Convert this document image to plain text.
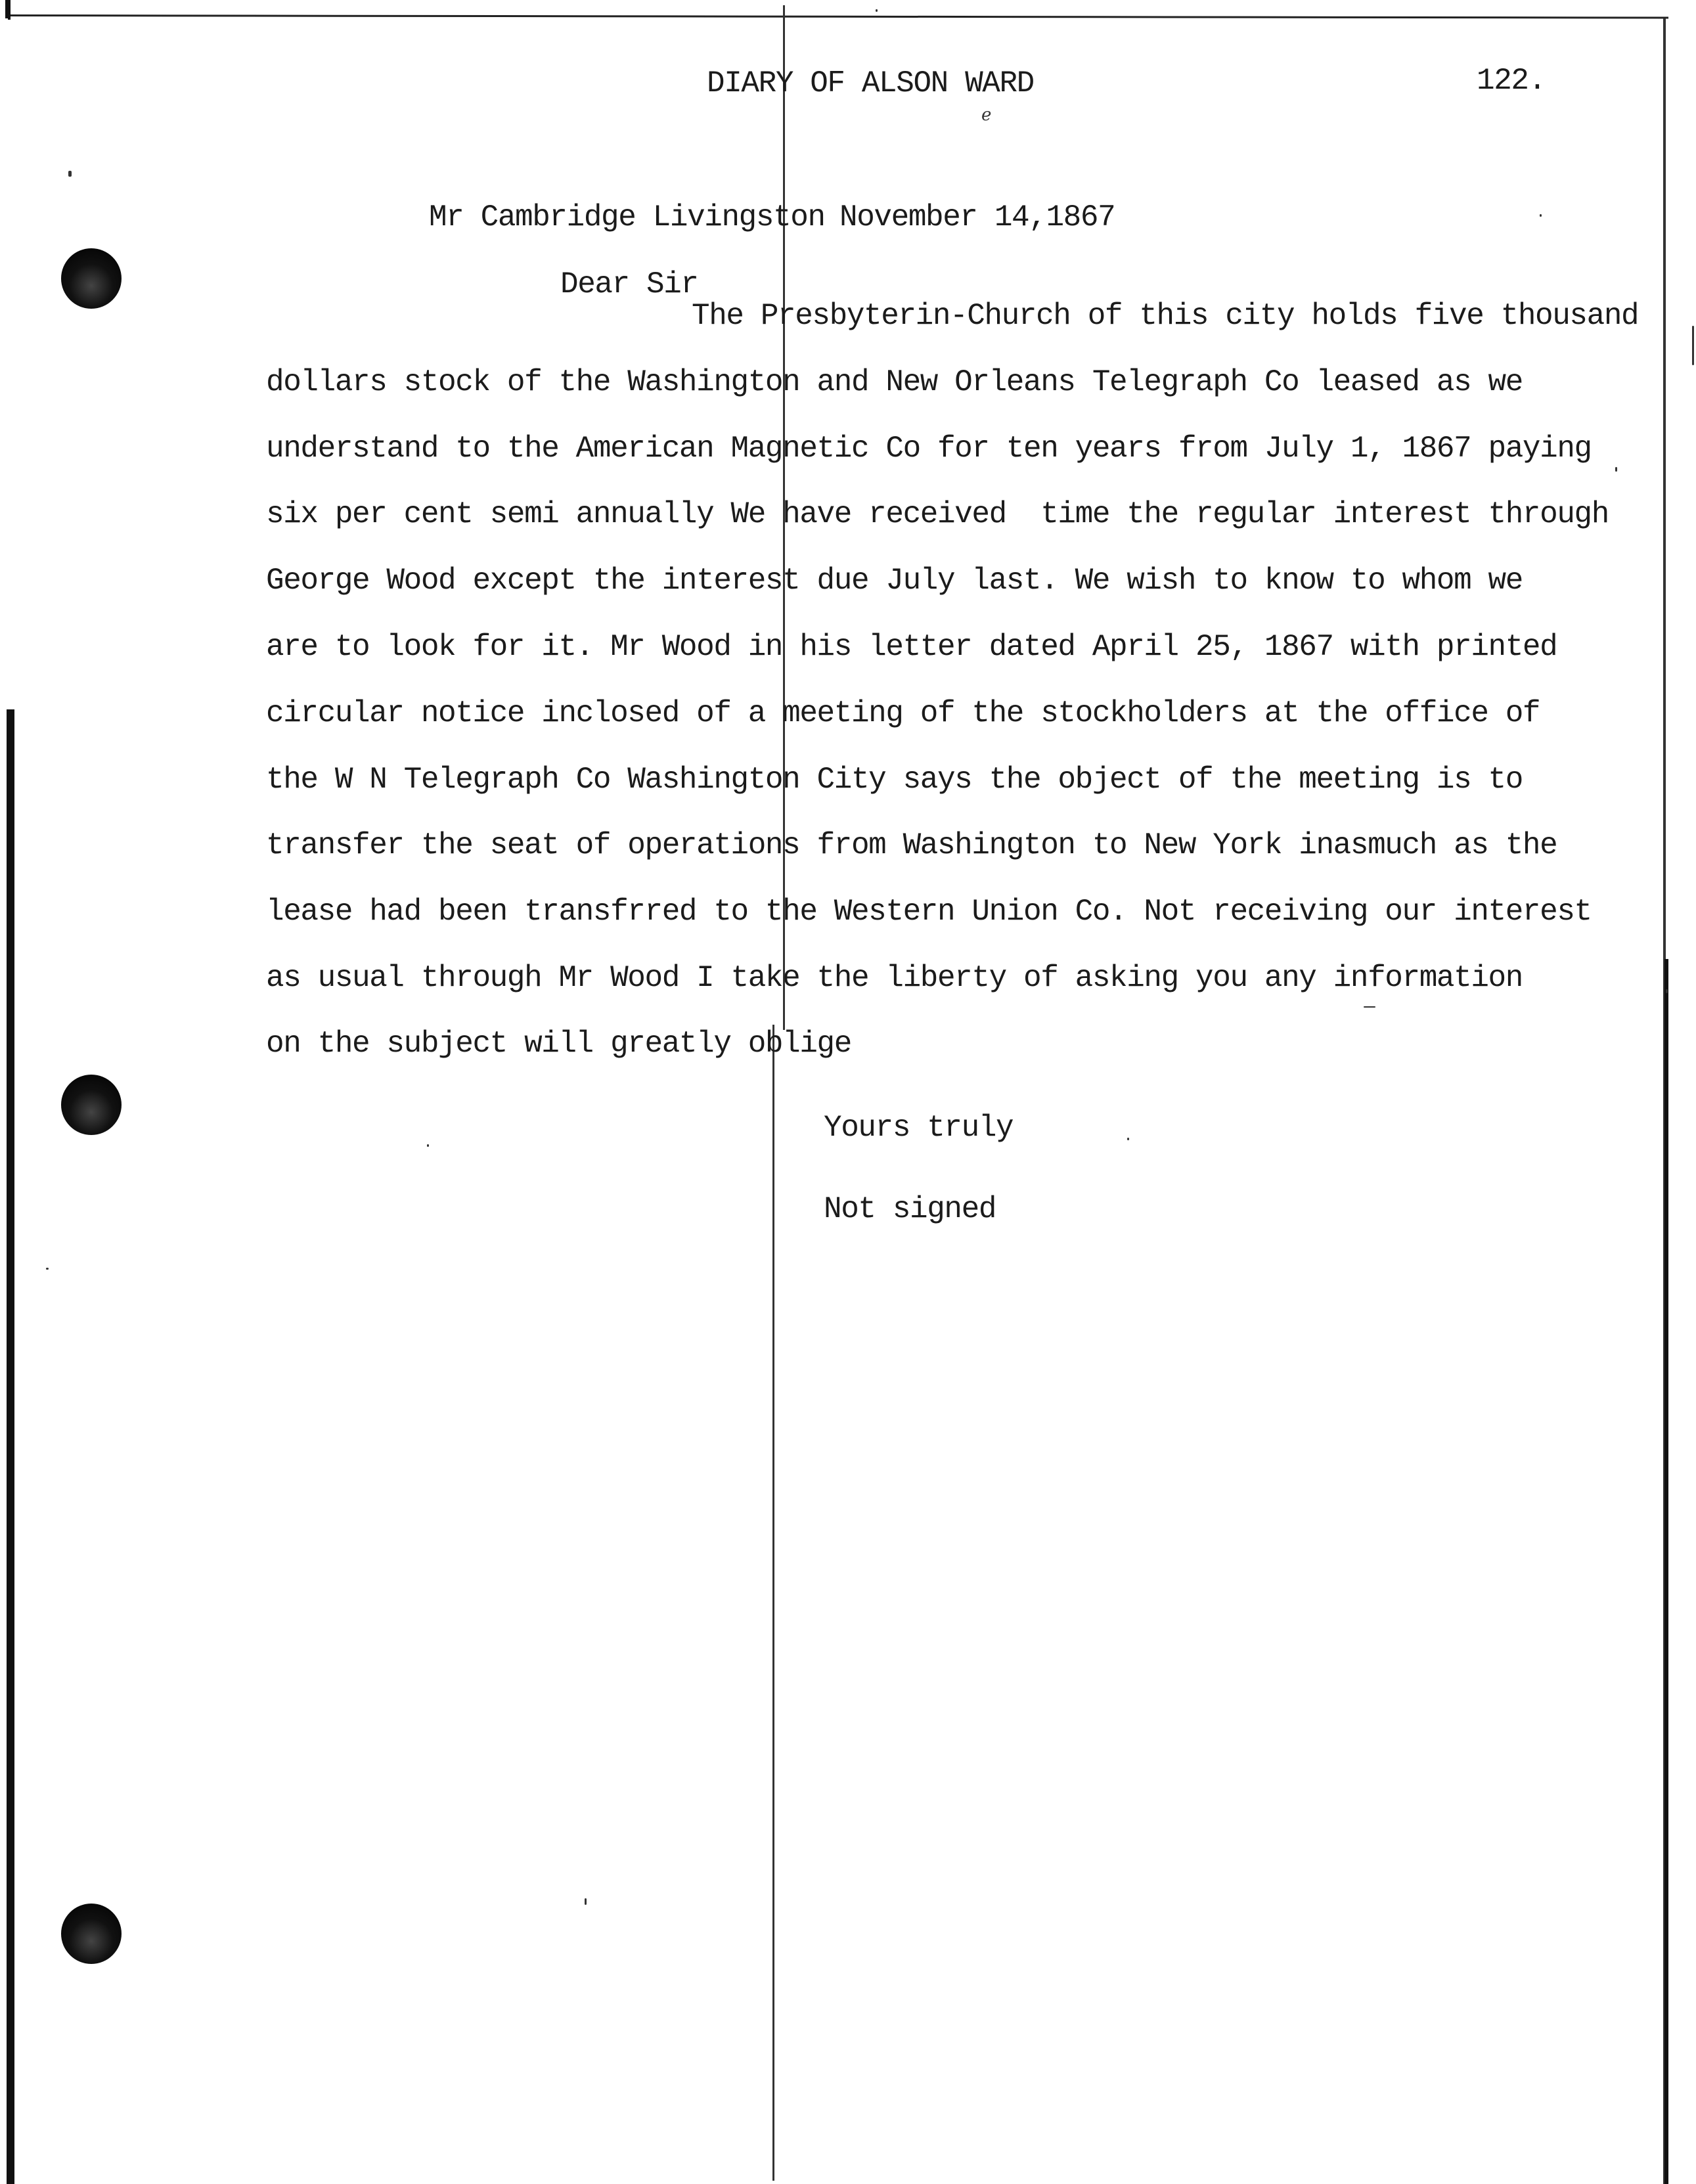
DIARY OF ALSON WARD	122.
e
Mr Cambridge Livingston November 14,1867
Dear Sir
The Presbyterin-Church of this city holds five thousand
dollars stock of the Washington and New Orleans Telegraph Co leased as we
understand to the American Magnetic Co for ten years from July 1, 1867 paying
six per cent semi annually We have received  time the regular interest through
George Wood except the interest due July last. We wish to know to whom we
are to look for it. Mr Wood in his letter dated April 25, 1867 with printed
circular notice inclosed of a meeting of the stockholders at the office of
the W N Telegraph Co Washington City says the object of the meeting is to
transfer the seat of operations from Washington to New York inasmuch as the
lease had been transfrred to the Western Union Co. Not receiving our interest
as usual through Mr Wood I take the liberty of asking you any information
on the subject will greatly oblige
Yours truly
Not signed
